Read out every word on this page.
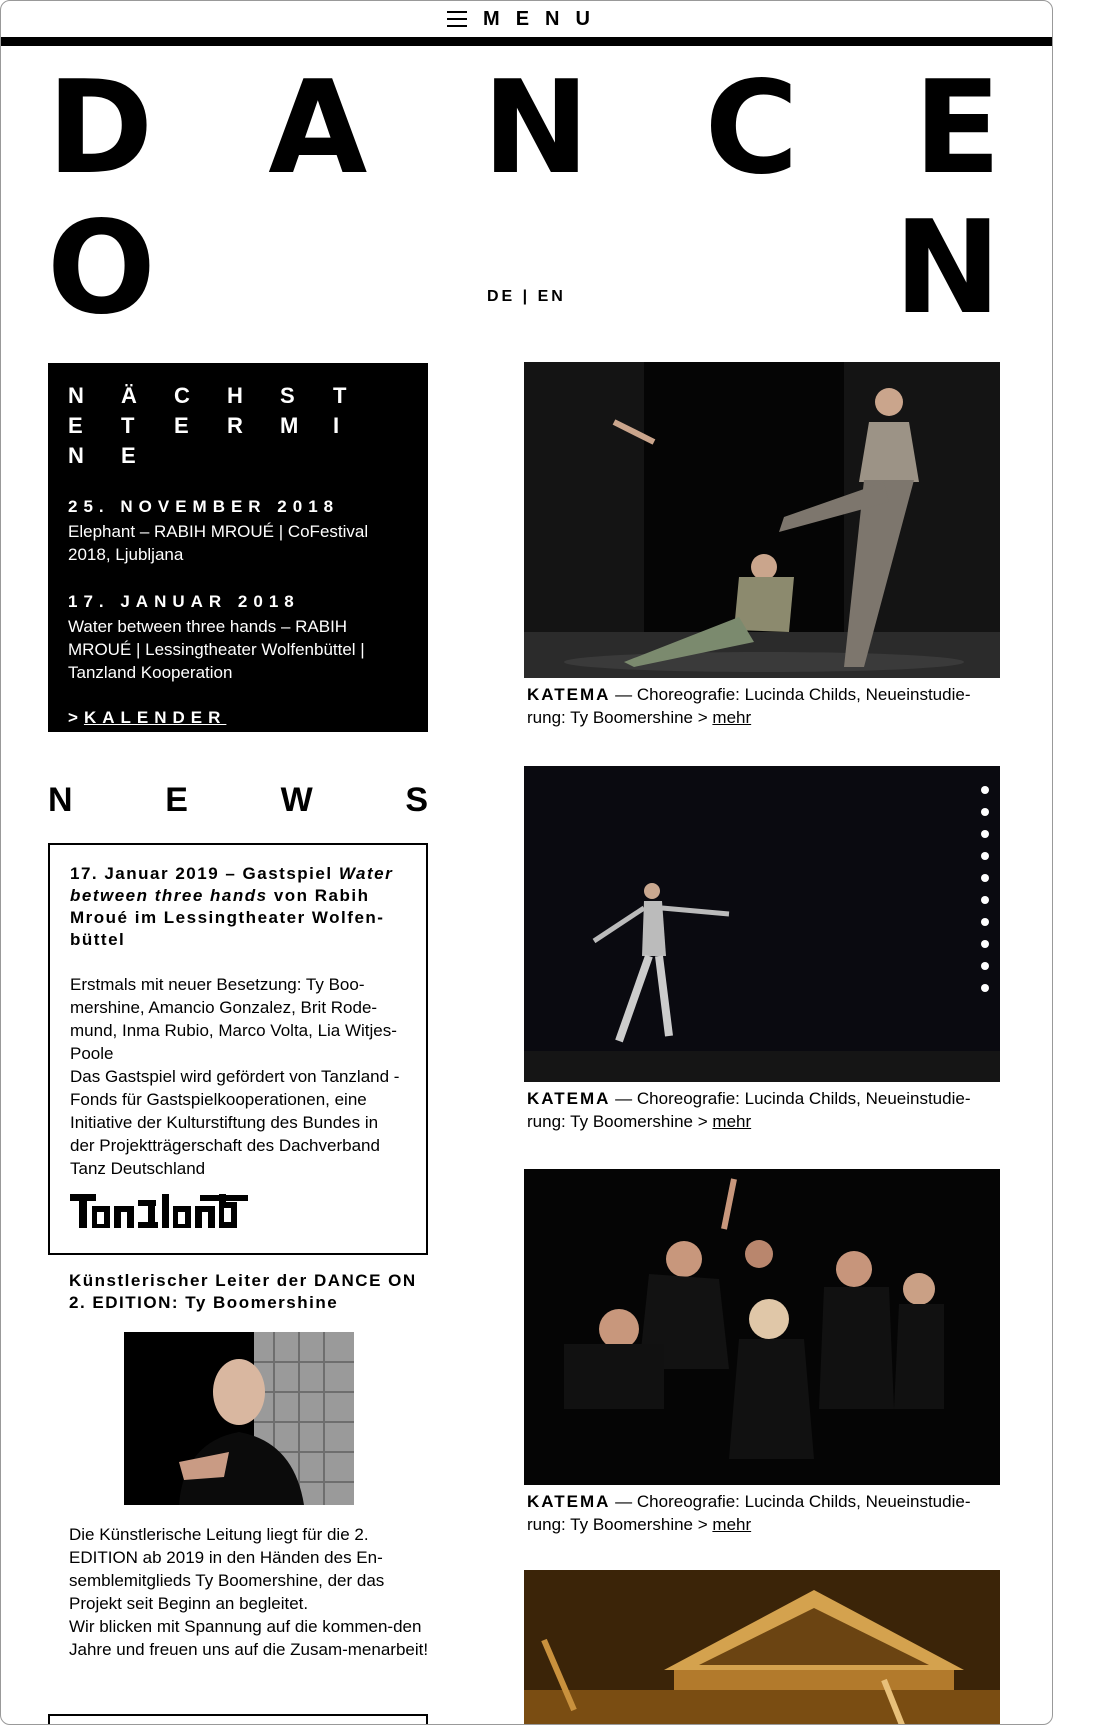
MENU
D A N C E
O	N
DE | EN
N	Ä	C	H	S	T
E	T	E	R	M	I
N	E
25. NOVEMBER 2018
Elephant – RABIH MROUÉ | CoFestival 2018, Ljubljana
17. JANUAR 2018
Water between three hands – RABIH MROUÉ | Lessingtheater Wolfenbüttel | Tanzland Kooperation
>KALENDER
N	E	W	S
17. Januar 2019 – Gastspiel Water between three hands von Rabih Mroué im Lessingtheater Wolfen-büttel
Erstmals mit neuer Besetzung: Ty Boo-mershine, Amancio Gonzalez, Brit Rode-mund, Inma Rubio, Marco Volta, Lia Witjes-Poole
Das Gastspiel wird gefördert von Tanzland - Fonds für Gastspielkooperationen, eine Initiative der Kulturstiftung des Bundes in der Projektträgerschaft des Dachverband Tanz Deutschland
Künstlerischer Leiter der DANCE ON 2. EDITION: Ty Boomershine
Die Künstlerische Leitung liegt für die 2. EDITION ab 2019 in den Händen des En-semblemitglieds Ty Boomershine, der das Projekt seit Beginn an begleitet.
Wir blicken mit Spannung auf die kommen-den Jahre und freuen uns auf die Zusam-menarbeit!
KATEMA — Choreografie: Lucinda Childs, Neueinstudie-rung: Ty Boomershine > mehr
KATEMA — Choreografie: Lucinda Childs, Neueinstudie-rung: Ty Boomershine > mehr
KATEMA — Choreografie: Lucinda Childs, Neueinstudie-rung: Ty Boomershine > mehr
